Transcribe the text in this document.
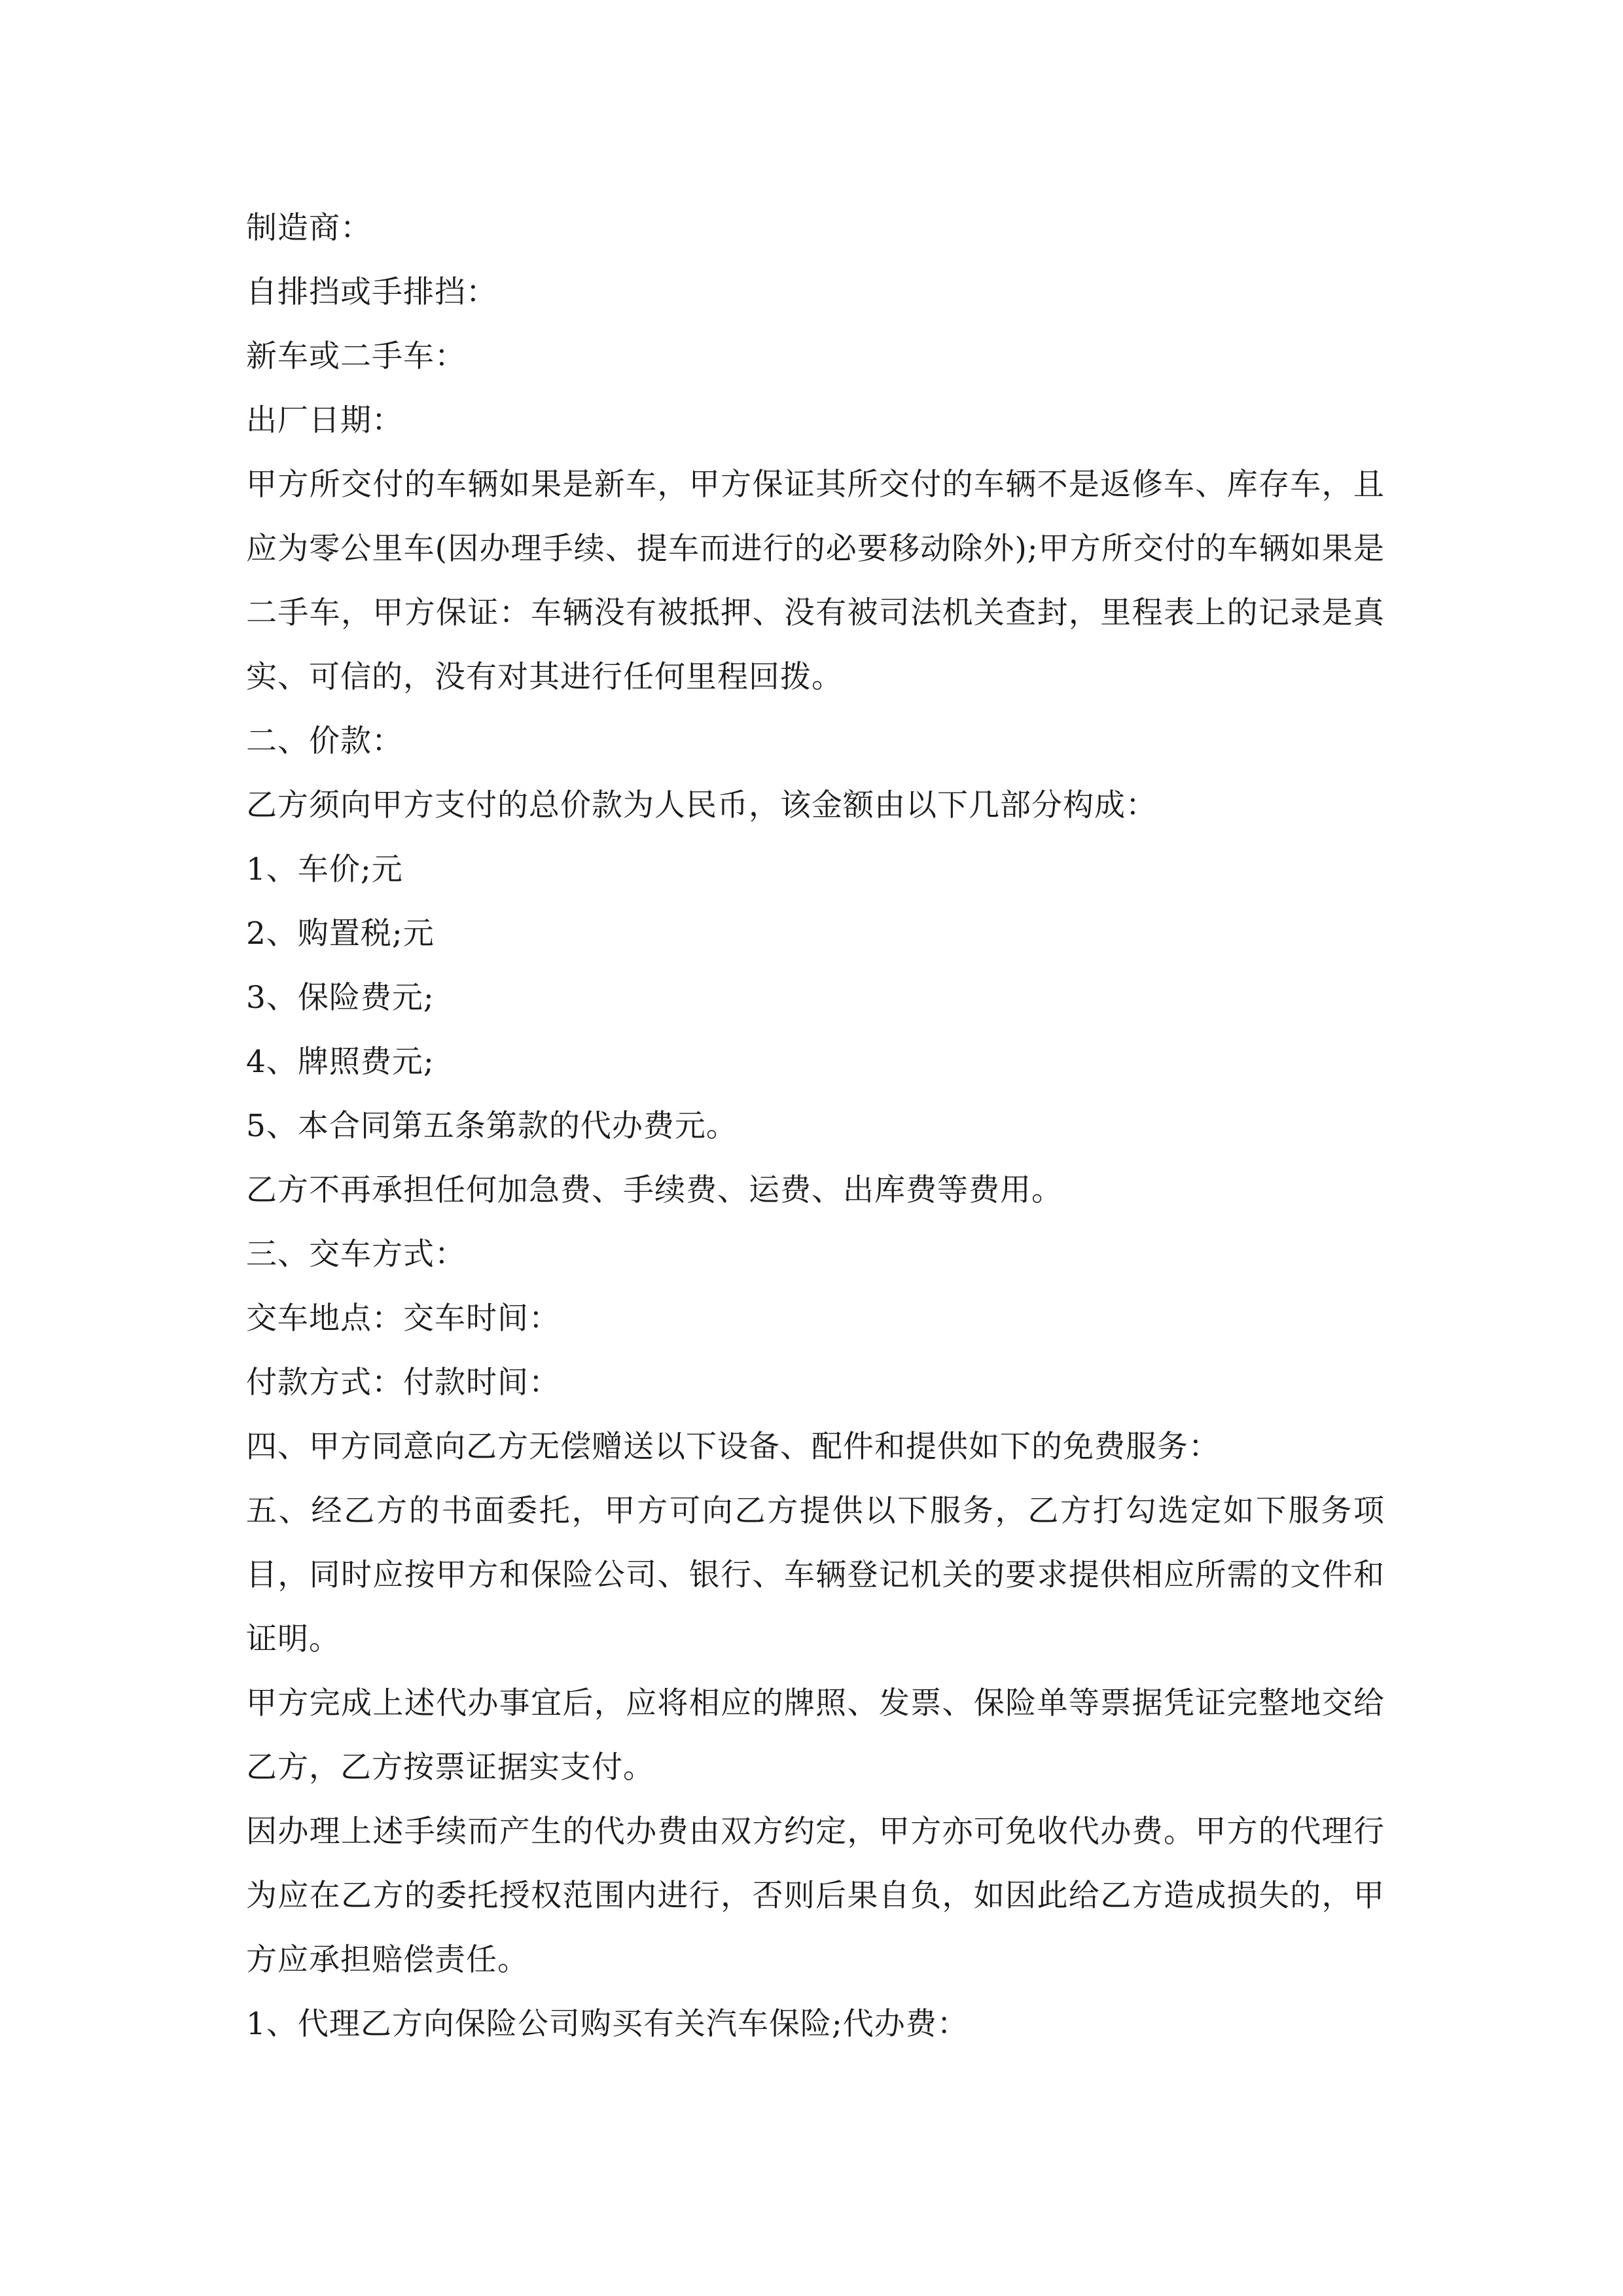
制造商：

自排挡或手排挡：

新车或二手车：

出厂日期：

甲方所交付的车辆如果是新车，甲方保证其所交付的车辆不是返修车、库存车，且应为零公里车(因办理手续、提车而进行的必要移动除外);甲方所交付的车辆如果是二手车，甲方保证：车辆没有被抵押、没有被司法机关查封，里程表上的记录是真实、可信的，没有对其进行任何里程回拨。

二、价款：

乙方须向甲方支付的总价款为人民币，该金额由以下几部分构成：

1、车价;元

2、购置税;元

3、保险费元;

4、牌照费元;

5、本合同第五条第款的代办费元。

乙方不再承担任何加急费、手续费、运费、出库费等费用。

三、交车方式：

交车地点：交车时间：

付款方式：付款时间：

四、甲方同意向乙方无偿赠送以下设备、配件和提供如下的免费服务：

五、经乙方的书面委托，甲方可向乙方提供以下服务，乙方打勾选定如下服务项目，同时应按甲方和保险公司、银行、车辆登记机关的要求提供相应所需的文件和证明。

甲方完成上述代办事宜后，应将相应的牌照、发票、保险单等票据凭证完整地交给乙方，乙方按票证据实支付。

因办理上述手续而产生的代办费由双方约定，甲方亦可免收代办费。甲方的代理行为应在乙方的委托授权范围内进行，否则后果自负，如因此给乙方造成损失的，甲方应承担赔偿责任。

1、代理乙方向保险公司购买有关汽车保险;代办费：
